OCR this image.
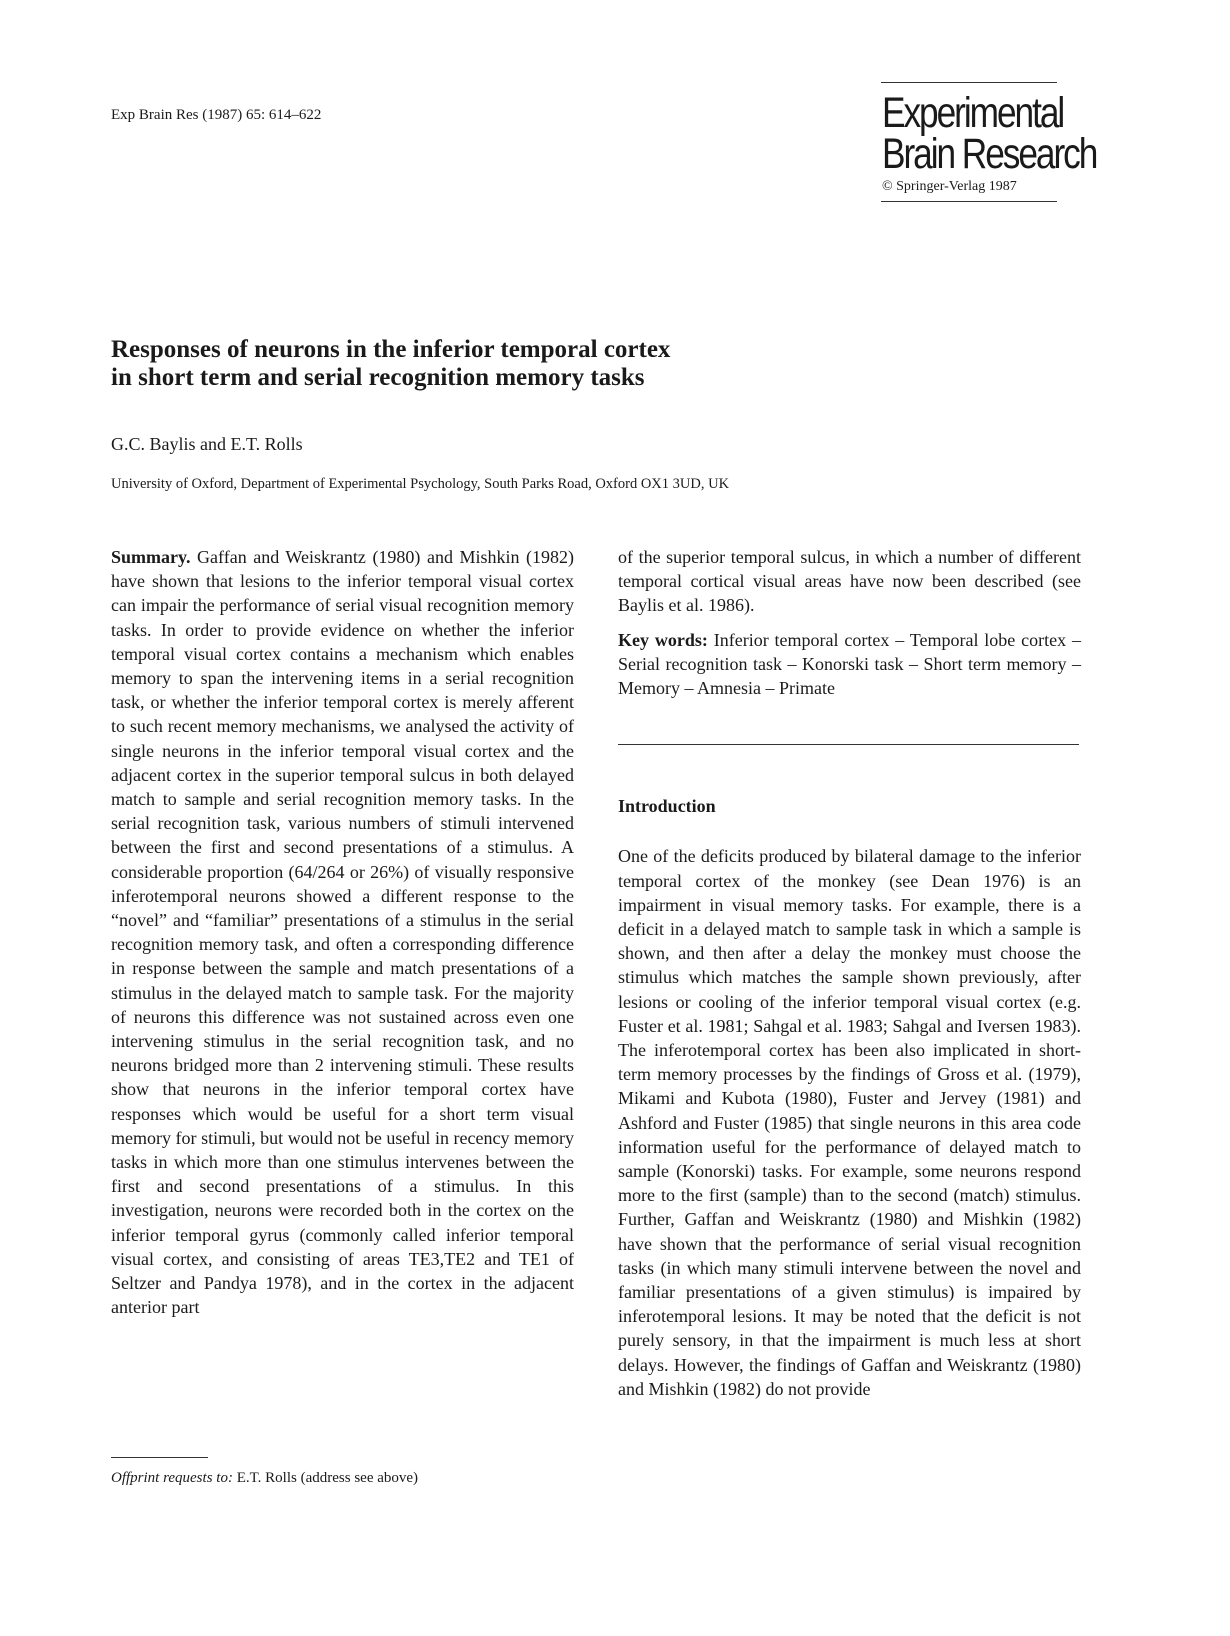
Exp Brain Res (1987) 65: 614–622	Experimental
Brain Research
© Springer-Verlag 1987
Responses of neurons in the inferior temporal cortex
in short term and serial recognition memory tasks
G.C. Baylis and E.T. Rolls
University of Oxford, Department of Experimental Psychology, South Parks Road, Oxford OX1 3UD, UK

Summary. Gaffan and Weiskrantz (1980) and Mishkin (1982) have shown that lesions to the inferior temporal visual cortex can impair the performance of serial visual recognition memory tasks. In order to provide evidence on whether the inferior temporal visual cortex contains a mechanism which enables memory to span the intervening items in a serial recognition task, or whether the inferior temporal cortex is merely afferent to such recent memory mechanisms, we analysed the activity of single neurons in the inferior temporal visual cortex and the adjacent cortex in the superior temporal sulcus in both delayed match to sample and serial recognition memory tasks. In the serial recognition task, various numbers of stimuli intervened between the first and second presentations of a stimulus. A considerable proportion (64/264 or 26%) of visually responsive inferotemporal neurons showed a different response to the “novel” and “familiar” presentations of a stimulus in the serial recognition memory task, and often a corresponding difference in response between the sample and match presentations of a stimulus in the delayed match to sample task. For the majority of neurons this difference was not sustained across even one intervening stimulus in the serial recognition task, and no neurons bridged more than 2 intervening stimuli. These results show that neurons in the inferior temporal cortex have responses which would be useful for a short term visual memory for stimuli, but would not be useful in recency memory tasks in which more than one stimulus intervenes between the first and second presentations of a stimulus. In this investigation, neurons were recorded both in the cortex on the inferior temporal gyrus (commonly called inferior temporal visual cortex, and consisting of areas TE3,TE2 and TE1 of Seltzer and Pandya 1978), and in the cortex in the adjacent anterior part

of the superior temporal sulcus, in which a number of different temporal cortical visual areas have now been described (see Baylis et al. 1986).

Key words: Inferior temporal cortex – Temporal lobe cortex – Serial recognition task – Konorski task – Short term memory – Memory – Amnesia – Primate

Introduction

One of the deficits produced by bilateral damage to the inferior temporal cortex of the monkey (see Dean 1976) is an impairment in visual memory tasks. For example, there is a deficit in a delayed match to sample task in which a sample is shown, and then after a delay the monkey must choose the stimulus which matches the sample shown previously, after lesions or cooling of the inferior temporal visual cortex (e.g. Fuster et al. 1981; Sahgal et al. 1983; Sahgal and Iversen 1983). The inferotemporal cortex has been also implicated in short-term memory processes by the findings of Gross et al. (1979), Mikami and Kubota (1980), Fuster and Jervey (1981) and Ashford and Fuster (1985) that single neurons in this area code information useful for the performance of delayed match to sample (Konorski) tasks. For example, some neurons respond more to the first (sample) than to the second (match) stimulus. Further, Gaffan and Weiskrantz (1980) and Mishkin (1982) have shown that the performance of serial visual recognition tasks (in which many stimuli intervene between the novel and familiar presentations of a given stimulus) is impaired by inferotemporal lesions. It may be noted that the deficit is not purely sensory, in that the impairment is much less at short delays. However, the findings of Gaffan and Weiskrantz (1980) and Mishkin (1982) do not provide

Offprint requests to: E.T. Rolls (address see above)
